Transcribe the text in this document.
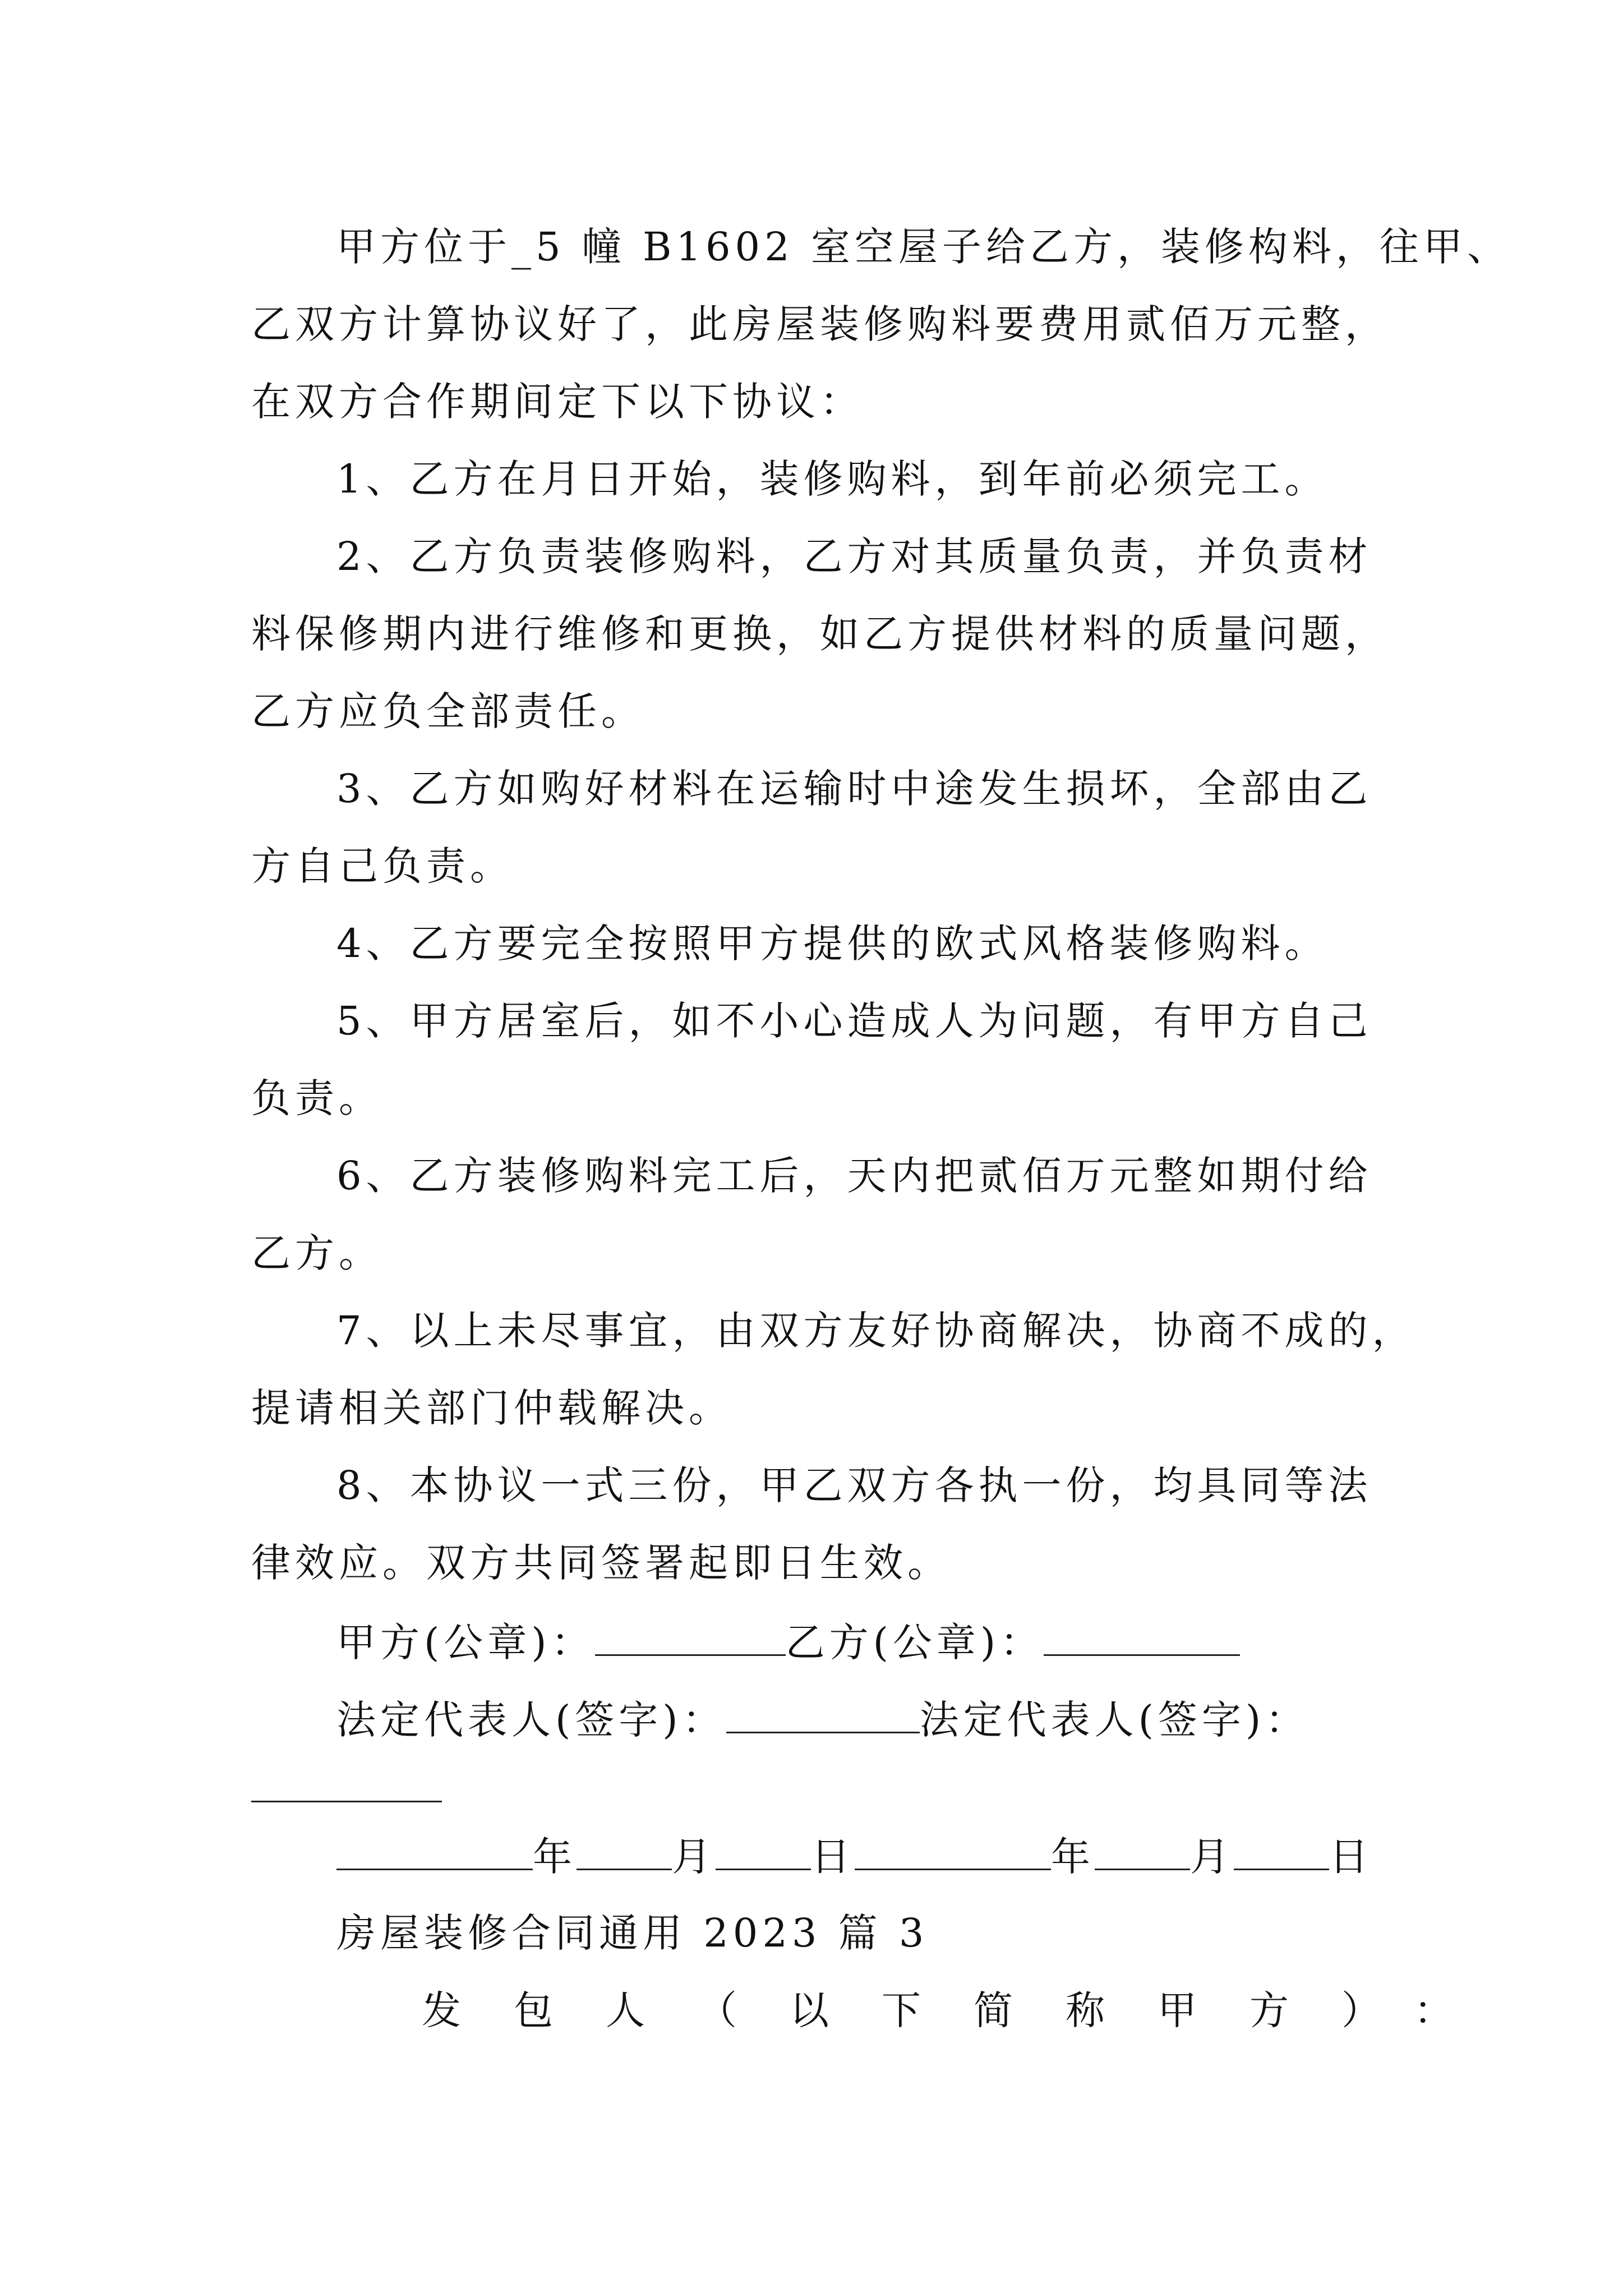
甲方位于_5 幢 B1602 室空屋子给乙方，装修构料，往甲、
乙双方计算协议好了，此房屋装修购料要费用贰佰万元整，
在双方合作期间定下以下协议：
1、乙方在月日开始，装修购料，到年前必须完工。
2、乙方负责装修购料，乙方对其质量负责，并负责材
料保修期内进行维修和更换，如乙方提供材料的质量问题，
乙方应负全部责任。
3、乙方如购好材料在运输时中途发生损坏，全部由乙
方自己负责。
4、乙方要完全按照甲方提供的欧式风格装修购料。
5、甲方居室后，如不小心造成人为问题，有甲方自己
负责。
6、乙方装修购料完工后，天内把贰佰万元整如期付给
乙方。
7、以上未尽事宜，由双方友好协商解决，协商不成的，
提请相关部门仲载解决。
8、本协议一式三份，甲乙双方各执一份，均具同等法
律效应。双方共同签署起即日生效。
甲方(公章)：	乙方(公章)：
法定代表人(签字)：	法定代表人(签字)：
年 月 日	年 月 日
房屋装修合同通用 2023 篇 3
发包人（以下简称甲方）：
